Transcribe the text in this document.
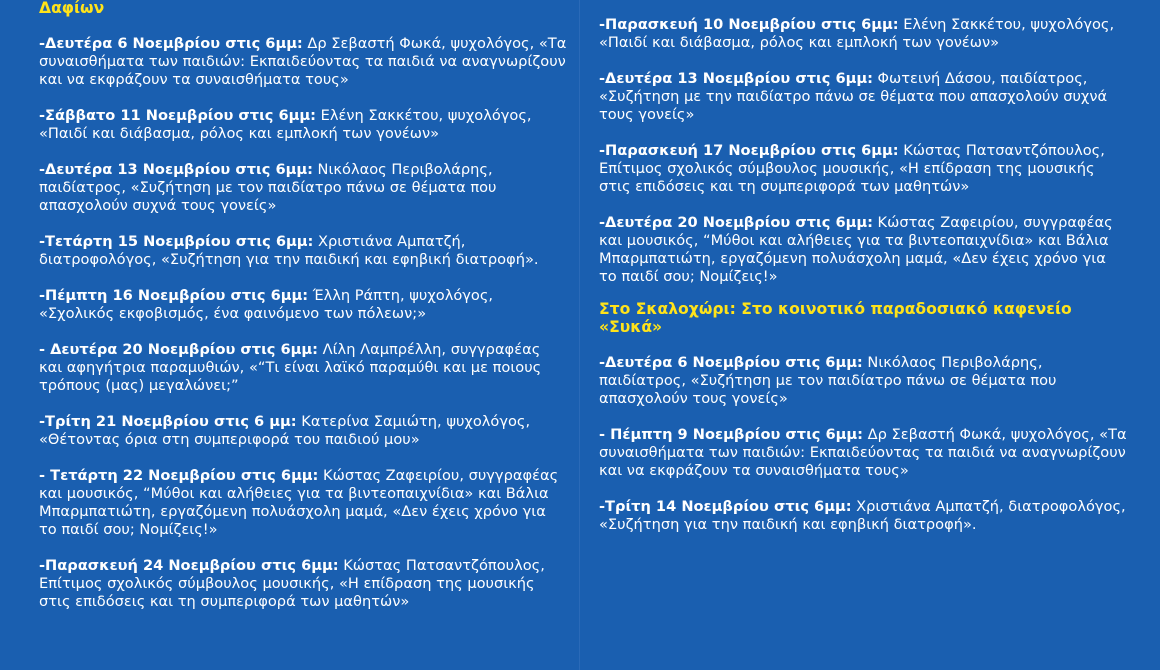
Δαφίων

-Δευτέρα 6 Νοεμβρίου στις 6μμ: Δρ Σεβαστή Φωκά, ψυχολόγος, «Τα συναισθήματα των παιδιών: Εκπαιδεύοντας τα παιδιά να αναγνωρίζουν και να εκφράζουν τα συναισθήματα τους»

-Σάββατο 11 Νοεμβρίου στις 6μμ: Ελένη Σακκέτου, ψυχολόγος, «Παιδί και διάβασμα, ρόλος και εμπλοκή των γονέων»

-Δευτέρα 13 Νοεμβρίου στις 6μμ: Νικόλαος Περιβολάρης, παιδίατρος, «Συζήτηση με τον παιδίατρο πάνω σε θέματα που απασχολούν συχνά τους γονείς»

-Τετάρτη 15 Νοεμβρίου στις 6μμ: Χριστιάνα Αμπατζή, διατροφολόγος, «Συζήτηση για την παιδική και εφηβική διατροφή».

-Πέμπτη 16 Νοεμβρίου στις 6μμ: Έλλη Ράπτη, ψυχολόγος, «Σχολικός εκφοβισμός, ένα φαινόμενο των πόλεων;»

- Δευτέρα 20 Νοεμβρίου στις 6μμ: Λίλη Λαμπρέλλη, συγγραφέας και αφηγήτρια παραμυθιών, «“Τι είναι λαϊκό παραμύθι και με ποιους τρόπους (μας) μεγαλώνει;”

-Τρίτη 21 Νοεμβρίου στις 6 μμ: Κατερίνα Σαμιώτη, ψυχολόγος, «Θέτοντας όρια στη συμπεριφορά του παιδιού μου»

- Τετάρτη 22 Νοεμβρίου στις 6μμ: Κώστας Ζαφειρίου, συγγραφέας και μουσικός, “Μύθοι και αλήθειες για τα βιντεοπαιχνίδια» και Βάλια Μπαρμπατιώτη, εργαζόμενη πολυάσχολη μαμά, «Δεν έχεις χρόνο για το παιδί σου; Νομίζεις!»

-Παρασκευή 24 Νοεμβρίου στις 6μμ: Κώστας Πατσαντζόπουλος, Επίτιμος σχολικός σύμβουλος μουσικής, «Η επίδραση της μουσικής στις επιδόσεις και τη συμπεριφορά των μαθητών»

-Παρασκευή 10 Νοεμβρίου στις 6μμ: Ελένη Σακκέτου, ψυχολόγος, «Παιδί και διάβασμα, ρόλος και εμπλοκή των γονέων»

-Δευτέρα 13 Νοεμβρίου στις 6μμ: Φωτεινή Δάσου, παιδίατρος, «Συζήτηση με την παιδίατρο πάνω σε θέματα που απασχολούν συχνά τους γονείς»

-Παρασκευή 17 Νοεμβρίου στις 6μμ: Κώστας Πατσαντζόπουλος, Επίτιμος σχολικός σύμβουλος μουσικής, «Η επίδραση της μουσικής στις επιδόσεις και τη συμπεριφορά των μαθητών»

-Δευτέρα 20 Νοεμβρίου στις 6μμ: Κώστας Ζαφειρίου, συγγραφέας και μουσικός, “Μύθοι και αλήθειες για τα βιντεοπαιχνίδια» και Βάλια Μπαρμπατιώτη, εργαζόμενη πολυάσχολη μαμά, «Δεν έχεις χρόνο για το παιδί σου; Νομίζεις!»

Στο Σκαλοχώρι: Στο κοινοτικό παραδοσιακό καφενείο «Συκά»

-Δευτέρα 6 Νοεμβρίου στις 6μμ: Νικόλαος Περιβολάρης, παιδίατρος, «Συζήτηση με τον παιδίατρο πάνω σε θέματα που απασχολούν τους γονείς»

- Πέμπτη 9 Νοεμβρίου στις 6μμ: Δρ Σεβαστή Φωκά, ψυχολόγος, «Τα συναισθήματα των παιδιών: Εκπαιδεύοντας τα παιδιά να αναγνωρίζουν και να εκφράζουν τα συναισθήματα τους»

-Τρίτη 14 Νοεμβρίου στις 6μμ: Χριστιάνα Αμπατζή, διατροφολόγος, «Συζήτηση για την παιδική και εφηβική διατροφή».
